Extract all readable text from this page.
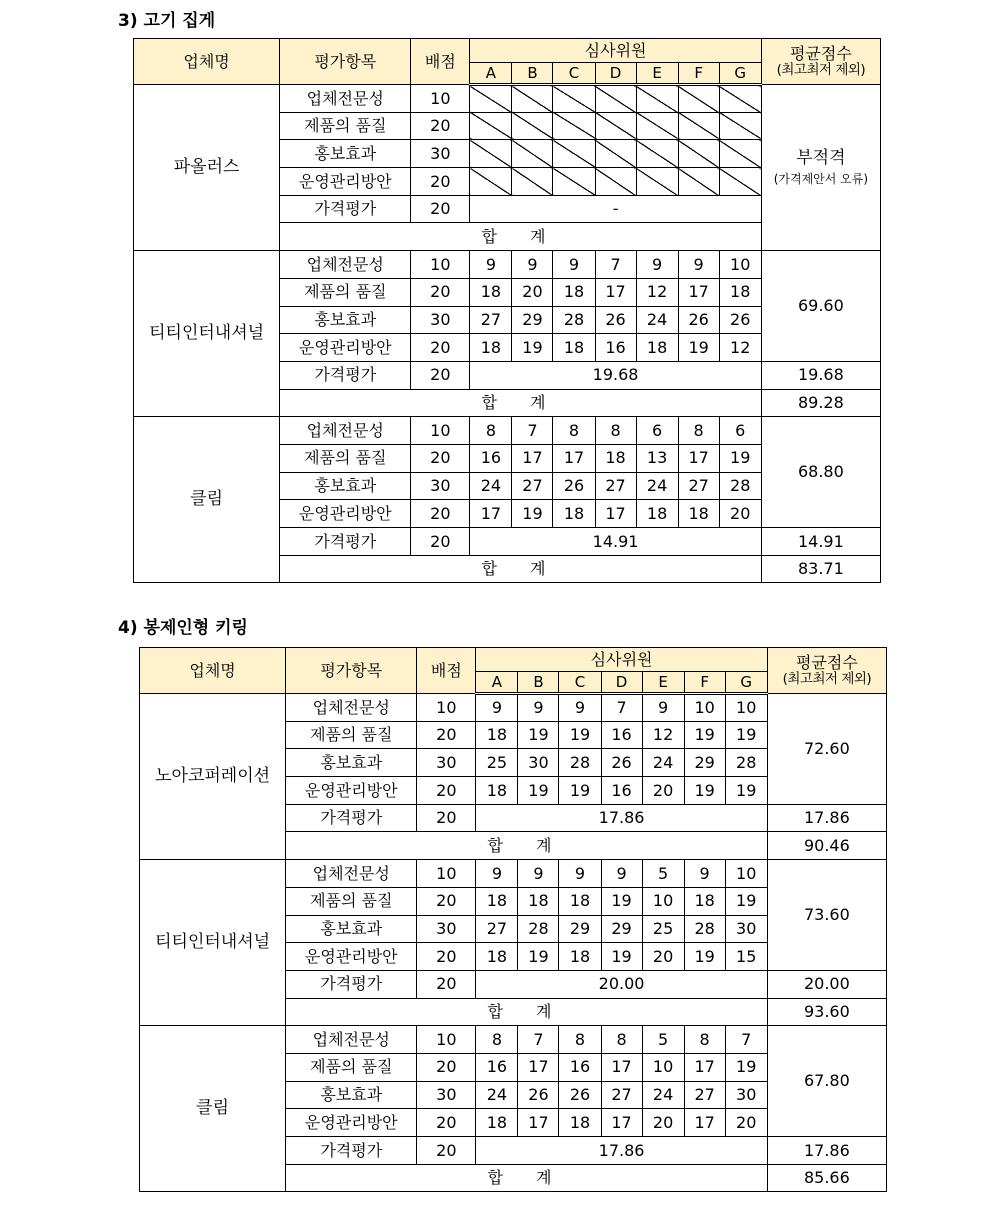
3) 고기 집게
업체명	평가항목	배점	심사위원							평균점수
(최고최저 제외)

			A	B	C	D	E	F	G	
파올러스	업체전문성	10								부적격
(가격제안서 오류)

	제품의 품질	20								
	홍보효과	30								
	운영관리방안	20								
	가격평가	20	-							
	합 계									
티티인터내셔널	업체전문성	10	9	9	9	7	9	9	10	69.60
	제품의 품질	20	18	20	18	17	12	17	18	
	홍보효과	30	27	29	28	26	24	26	26	
	운영관리방안	20	18	19	18	16	18	19	12	
	가격평가	20	19.68							19.68
	합 계									89.28
클림	업체전문성	10	8	7	8	8	6	8	6	68.80
	제품의 품질	20	16	17	17	18	13	17	19	
	홍보효과	30	24	27	26	27	24	27	28	
	운영관리방안	20	17	19	18	17	18	18	20	
	가격평가	20	14.91							14.91
	합 계									83.71
4) 봉제인형 키링
업체명	평가항목	배점	심사위원							평균점수
(최고최저 제외)

			A	B	C	D	E	F	G	
노아코퍼레이션	업체전문성	10	9	9	9	7	9	10	10	72.60
	제품의 품질	20	18	19	19	16	12	19	19	
	홍보효과	30	25	30	28	26	24	29	28	
	운영관리방안	20	18	19	19	16	20	19	19	
	가격평가	20	17.86							17.86
	합 계									90.46
티티인터내셔널	업체전문성	10	9	9	9	9	5	9	10	73.60
	제품의 품질	20	18	18	18	19	10	18	19	
	홍보효과	30	27	28	29	29	25	28	30	
	운영관리방안	20	18	19	18	19	20	19	15	
	가격평가	20	20.00							20.00
	합 계									93.60
클림	업체전문성	10	8	7	8	8	5	8	7	67.80
	제품의 품질	20	16	17	16	17	10	17	19	
	홍보효과	30	24	26	26	27	24	27	30	
	운영관리방안	20	18	17	18	17	20	17	20	
	가격평가	20	17.86							17.86
	합 계									85.66
